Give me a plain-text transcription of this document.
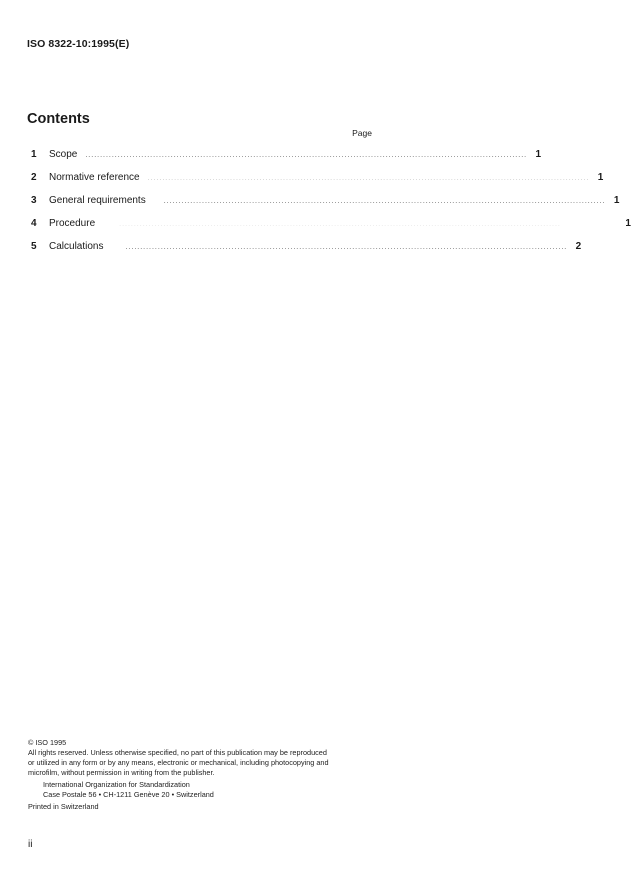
ISO 8322-10:1995(E)
Contents
Page
1	Scope ...................................................................................................................................................... 1
2	Normative reference ...................................................................................................................................................... 1
3	General requirements	...................................................................................................................................................... 1
4	Procedure	......................................................................................................................................................	1
5	Calculations	...................................................................................................................................................... 2
© ISO 1995
All rights reserved. Unless otherwise specified, no part of this publication may be reproduced
or utilized in any form or by any means, electronic or mechanical, including photocopying and
microfilm, without permission in writing from the publisher.
International Organization for Standardization
Case Postale 56 • CH-1211 Genève 20 • Switzerland
Printed in Switzerland
ii
